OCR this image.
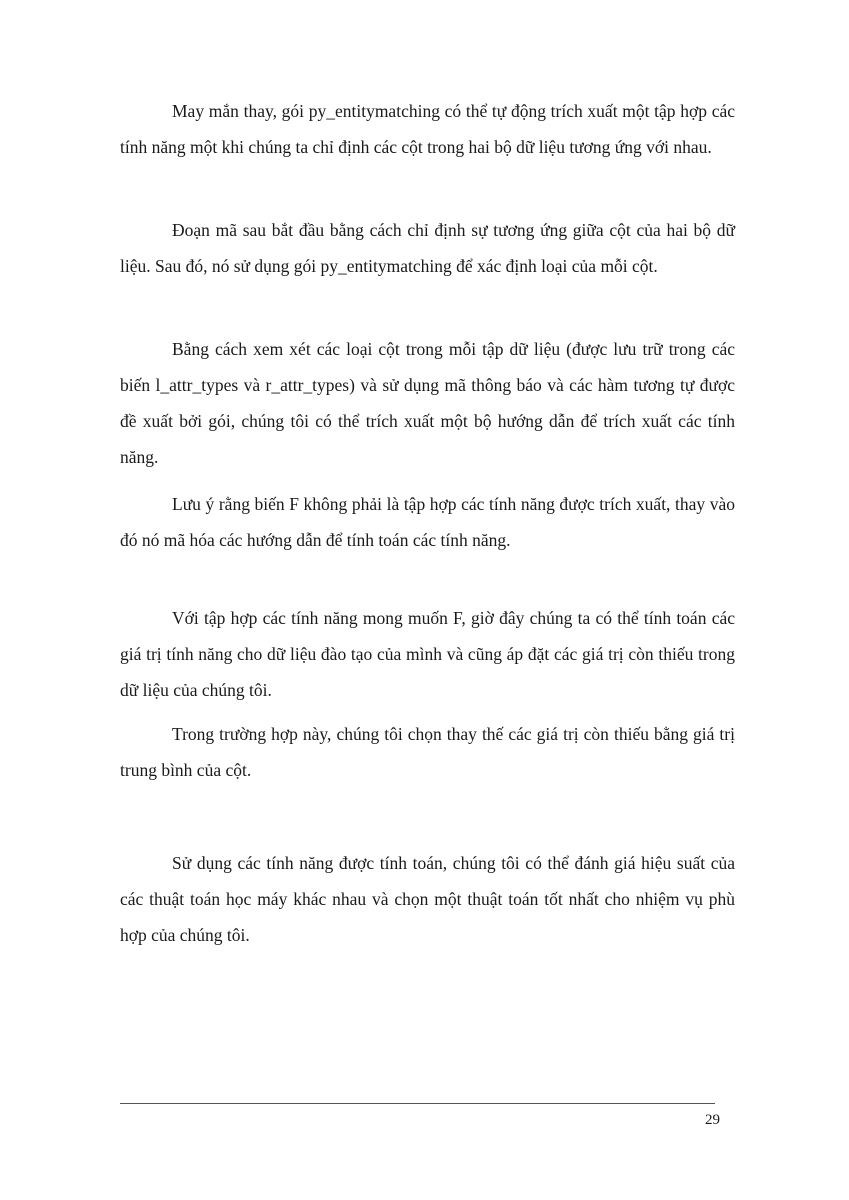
May mắn thay, gói py_entitymatching có thể tự động trích xuất một tập hợp các tính năng một khi chúng ta chỉ định các cột trong hai bộ dữ liệu tương ứng với nhau.

Đoạn mã sau bắt đầu bằng cách chỉ định sự tương ứng giữa cột của hai bộ dữ liệu. Sau đó, nó sử dụng gói py_entitymatching để xác định loại của mỗi cột.

Bằng cách xem xét các loại cột trong mỗi tập dữ liệu (được lưu trữ trong các biến l_attr_types và r_attr_types) và sử dụng mã thông báo và các hàm tương tự được đề xuất bởi gói, chúng tôi có thể trích xuất một bộ hướng dẫn để trích xuất các tính năng.

Lưu ý rằng biến F không phải là tập hợp các tính năng được trích xuất, thay vào đó nó mã hóa các hướng dẫn để tính toán các tính năng.

Với tập hợp các tính năng mong muốn F, giờ đây chúng ta có thể tính toán các giá trị tính năng cho dữ liệu đào tạo của mình và cũng áp đặt các giá trị còn thiếu trong dữ liệu của chúng tôi.

Trong trường hợp này, chúng tôi chọn thay thế các giá trị còn thiếu bằng giá trị trung bình của cột.

Sử dụng các tính năng được tính toán, chúng tôi có thể đánh giá hiệu suất của các thuật toán học máy khác nhau và chọn một thuật toán tốt nhất cho nhiệm vụ phù hợp của chúng tôi.

29
